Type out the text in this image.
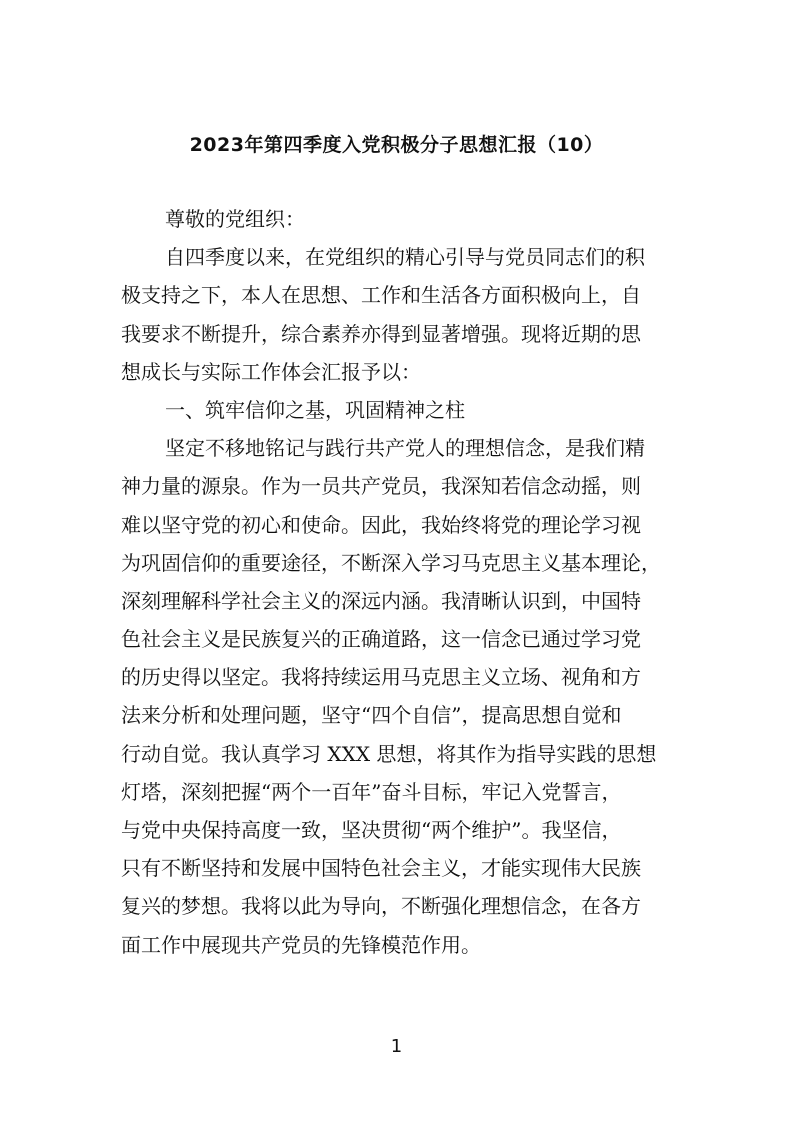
2023年第四季度入党积极分子思想汇报（10）
尊敬的党组织：
自四季度以来，在党组织的精心引导与党员同志们的积
极支持之下，本人在思想、工作和生活各方面积极向上，自
我要求不断提升，综合素养亦得到显著增强。现将近期的思
想成长与实际工作体会汇报予以：
一、筑牢信仰之基，巩固精神之柱
坚定不移地铭记与践行共产党人的理想信念，是我们精
神力量的源泉。作为一员共产党员，我深知若信念动摇，则
难以坚守党的初心和使命。因此，我始终将党的理论学习视
为巩固信仰的重要途径，不断深入学习马克思主义基本理论，
深刻理解科学社会主义的深远内涵。我清晰认识到，中国特
色社会主义是民族复兴的正确道路，这一信念已通过学习党
的历史得以坚定。我将持续运用马克思主义立场、视角和方
法来分析和处理问题，坚守“四个自信”，提高思想自觉和
行动自觉。我认真学习 XXX 思想，将其作为指导实践的思想
灯塔，深刻把握“两个一百年”奋斗目标，牢记入党誓言，
与党中央保持高度一致，坚决贯彻“两个维护”。我坚信，
只有不断坚持和发展中国特色社会主义，才能实现伟大民族
复兴的梦想。我将以此为导向，不断强化理想信念，在各方
面工作中展现共产党员的先锋模范作用。
1
